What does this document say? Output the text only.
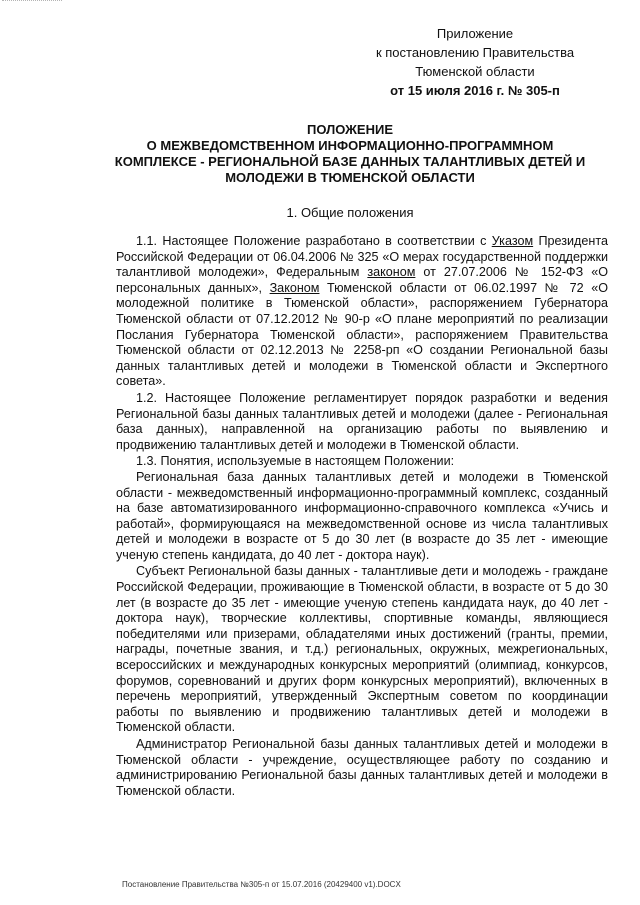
Приложение
к постановлению Правительства
Тюменской области
от 15 июля 2016 г. № 305-п
ПОЛОЖЕНИЕ
О МЕЖВЕДОМСТВЕННОМ ИНФОРМАЦИОННО-ПРОГРАММНОМ
КОМПЛЕКСЕ - РЕГИОНАЛЬНОЙ БАЗЕ ДАННЫХ ТАЛАНТЛИВЫХ ДЕТЕЙ И
МОЛОДЕЖИ В ТЮМЕНСКОЙ ОБЛАСТИ
1. Общие положения

1.1. Настоящее Положение разработано в соответствии с Указом Президента Российской Федерации от 06.04.2006 № 325 «О мерах государственной поддержки талантливой молодежи», Федеральным законом от 27.07.2006 № 152-ФЗ «О персональных данных», Законом Тюменской области от 06.02.1997 № 72 «О молодежной политике в Тюменской области», распоряжением Губернатора Тюменской области от 07.12.2012 № 90-р «О плане мероприятий по реализации Послания Губернатора Тюменской области», распоряжением Правительства Тюменской области от 02.12.2013 № 2258-рп «О создании Региональной базы данных талантливых детей и молодежи в Тюменской области и Экспертного совета».

1.2. Настоящее Положение регламентирует порядок разработки и ведения Региональной базы данных талантливых детей и молодежи (далее - Региональная база данных), направленной на организацию работы по выявлению и продвижению талантливых детей и молодежи в Тюменской области.

1.3. Понятия, используемые в настоящем Положении:

Региональная база данных талантливых детей и молодежи в Тюменской области - межведомственный информационно-программный комплекс, созданный на базе автоматизированного информационно-справочного комплекса «Учись и работай», формирующаяся на межведомственной основе из числа талантливых детей и молодежи в возрасте от 5 до 30 лет (в возрасте до 35 лет - имеющие ученую степень кандидата, до 40 лет - доктора наук).

Субъект Региональной базы данных - талантливые дети и молодежь - граждане Российской Федерации, проживающие в Тюменской области, в возрасте от 5 до 30 лет (в возрасте до 35 лет - имеющие ученую степень кандидата наук, до 40 лет - доктора наук), творческие коллективы, спортивные команды, являющиеся победителями или призерами, обладателями иных достижений (гранты, премии, награды, почетные звания, и т.д.) региональных, окружных, межрегиональных, всероссийских и международных конкурсных мероприятий (олимпиад, конкурсов, форумов, соревнований и других форм конкурсных мероприятий), включенных в перечень мероприятий, утвержденный Экспертным советом по координации работы по выявлению и продвижению талантливых детей и молодежи в Тюменской области.

Администратор Региональной базы данных талантливых детей и молодежи в Тюменской области - учреждение, осуществляющее работу по созданию и администрированию Региональной базы данных талантливых детей и молодежи в Тюменской области.

Постановление Правительства №305-п от 15.07.2016 (20429400 v1).DOCX
